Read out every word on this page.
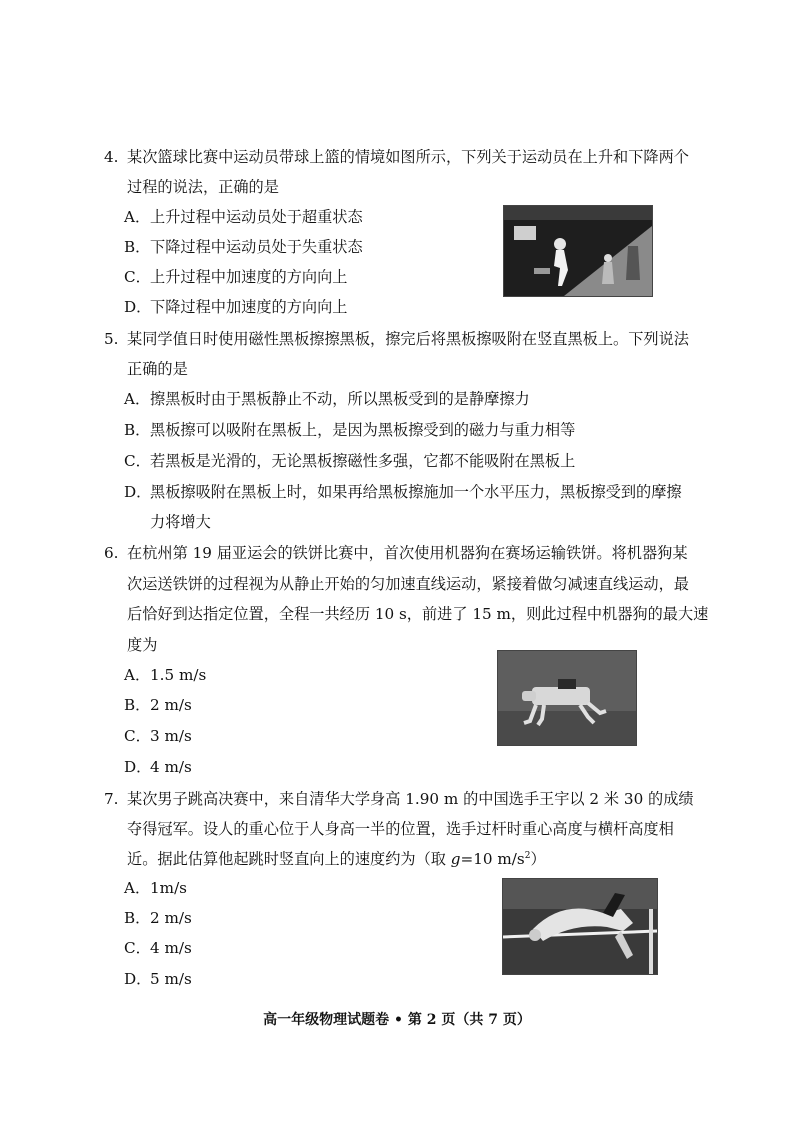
4. 某次篮球比赛中运动员带球上篮的情境如图所示，下列关于运动员在上升和下降两个
过程的说法，正确的是
A．上升过程中运动员处于超重状态
B．下降过程中运动员处于失重状态
C．上升过程中加速度的方向向上
D．下降过程中加速度的方向向上
5. 某同学值日时使用磁性黑板擦擦黑板，擦完后将黑板擦吸附在竖直黑板上。下列说法
正确的是
A．擦黑板时由于黑板静止不动，所以黑板受到的是静摩擦力
B．黑板擦可以吸附在黑板上，是因为黑板擦受到的磁力与重力相等
C．若黑板是光滑的，无论黑板擦磁性多强，它都不能吸附在黑板上
D．黑板擦吸附在黑板上时，如果再给黑板擦施加一个水平压力，黑板擦受到的摩擦
力将增大
6. 在杭州第 19 届亚运会的铁饼比赛中，首次使用机器狗在赛场运输铁饼。将机器狗某
次运送铁饼的过程视为从静止开始的匀加速直线运动，紧接着做匀减速直线运动，最
后恰好到达指定位置，全程一共经历 10 s，前进了 15 m，则此过程中机器狗的最大速
度为
A．1.5 m/s
B．2 m/s
C．3 m/s
D．4 m/s
7. 某次男子跳高决赛中，来自清华大学身高 1.90 m 的中国选手王宇以 2 米 30 的成绩
夺得冠军。设人的重心位于人身高一半的位置，选手过杆时重心高度与横杆高度相
近。据此估算他起跳时竖直向上的速度约为（取 g=10 $m/s^2$）
A．1m/s
B．2 m/s
C．4 m/s
D．5 m/s
高一年级物理试题卷 • 第 2 页（共 7 页）
